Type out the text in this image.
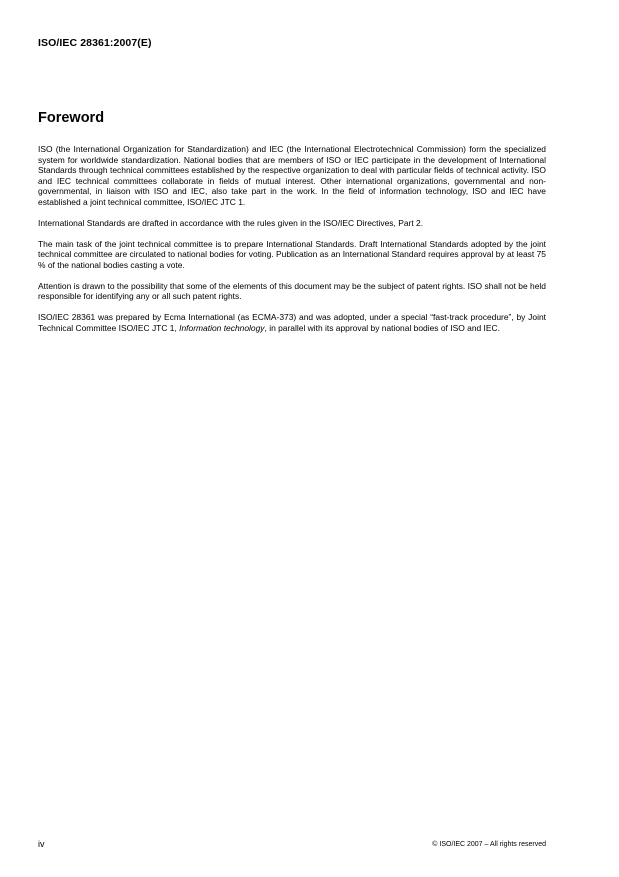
ISO/IEC 28361:2007(E)
Foreword

ISO (the International Organization for Standardization) and IEC (the International Electrotechnical Commission) form the specialized system for worldwide standardization. National bodies that are members of ISO or IEC participate in the development of International Standards through technical committees established by the respective organization to deal with particular fields of technical activity. ISO and IEC technical committees collaborate in fields of mutual interest. Other international organizations, governmental and non-governmental, in liaison with ISO and IEC, also take part in the work. In the field of information technology, ISO and IEC have established a joint technical committee, ISO/IEC JTC 1.

International Standards are drafted in accordance with the rules given in the ISO/IEC Directives, Part 2.

The main task of the joint technical committee is to prepare International Standards. Draft International Standards adopted by the joint technical committee are circulated to national bodies for voting. Publication as an International Standard requires approval by at least 75 % of the national bodies casting a vote.

Attention is drawn to the possibility that some of the elements of this document may be the subject of patent rights. ISO shall not be held responsible for identifying any or all such patent rights.

ISO/IEC 28361 was prepared by Ecma International (as ECMA-373) and was adopted, under a special “fast-track procedure”, by Joint Technical Committee ISO/IEC JTC 1, Information technology, in parallel with its approval by national bodies of ISO and IEC.

iv	© ISO/IEC 2007 – All rights reserved
